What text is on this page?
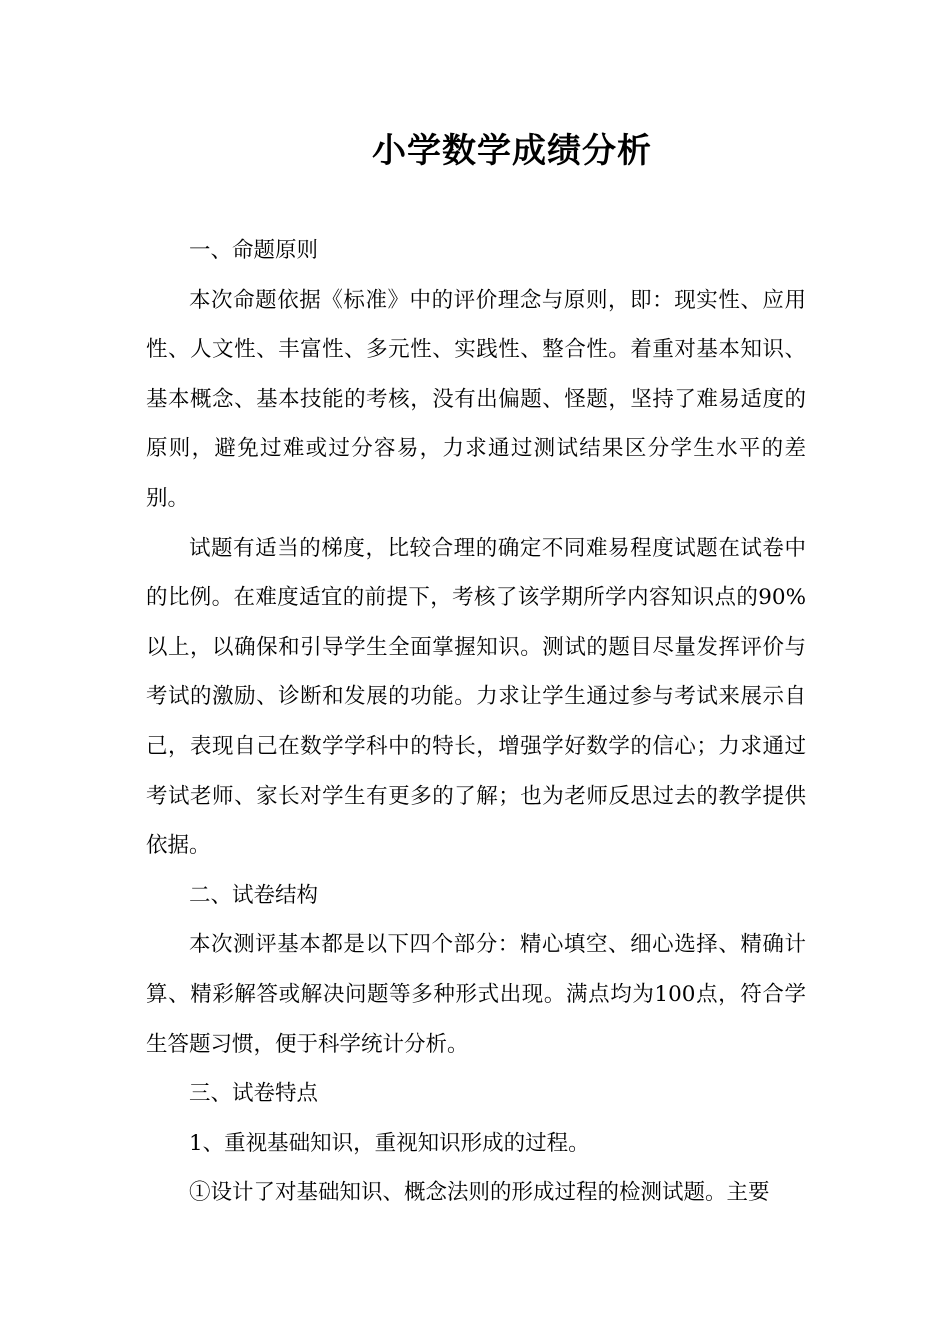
小学数学成绩分析

一、命题原则

本次命题依据《标准》中的评价理念与原则，即：现实性、应用性、人文性、丰富性、多元性、实践性、整合性。着重对基本知识、基本概念、基本技能的考核，没有出偏题、怪题，坚持了难易适度的原则，避免过难或过分容易，力求通过测试结果区分学生水平的差别。

试题有适当的梯度，比较合理的确定不同难易程度试题在试卷中的比例。在难度适宜的前提下，考核了该学期所学内容知识点的90%以上，以确保和引导学生全面掌握知识。测试的题目尽量发挥评价与考试的激励、诊断和发展的功能。力求让学生通过参与考试来展示自己，表现自己在数学学科中的特长，增强学好数学的信心；力求通过考试老师、家长对学生有更多的了解；也为老师反思过去的教学提供依据。

二、试卷结构

本次测评基本都是以下四个部分：精心填空、细心选择、精确计算、精彩解答或解决问题等多种形式出现。满点均为100点，符合学生答题习惯，便于科学统计分析。

三、试卷特点

1、重视基础知识，重视知识形成的过程。

①设计了对基础知识、概念法则的形成过程的检测试题。主要
